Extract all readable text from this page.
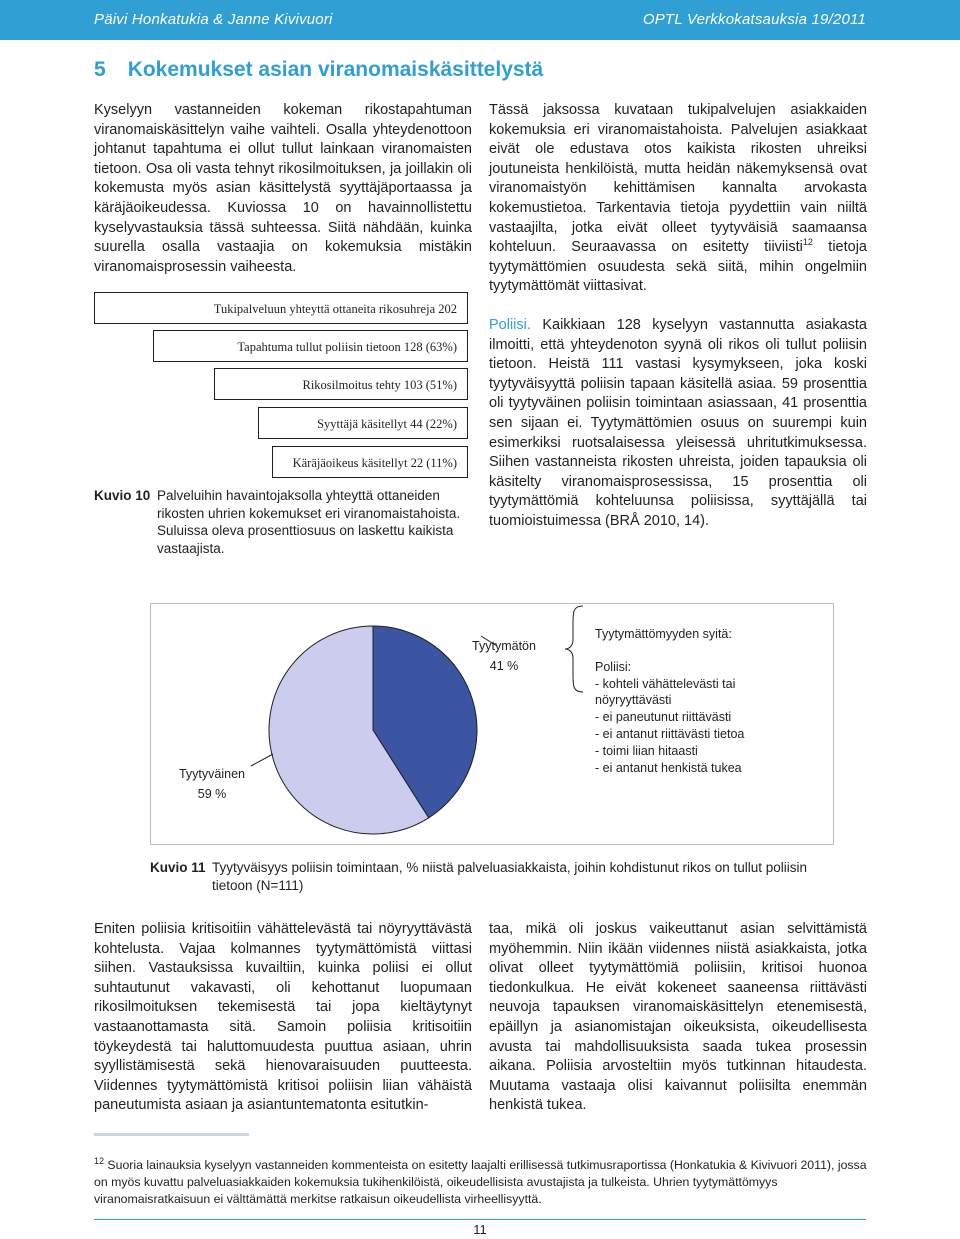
Päivi Honkatukia & Janne Kivivuori	OPTL Verkkokatsauksia 19/2011
5 Kokemukset asian viranomaiskäsittelystä

Kyselyyn vastanneiden kokeman rikostapahtuman viranomaiskäsittelyn vaihe vaihteli. Osalla yhteydenottoon johtanut tapahtuma ei ollut tullut lainkaan viranomaisten tietoon. Osa oli vasta tehnyt rikosilmoituksen, ja joillakin oli kokemusta myös asian käsittelystä syyttäjäportaassa ja käräjäoikeudessa. Kuviossa 10 on havainnollistettu kyselyvastauksia tässä suhteessa. Siitä nähdään, kuinka suurella osalla vastaajia on kokemuksia mistäkin viranomaisprosessin vaiheesta.

Tässä jaksossa kuvataan tukipalvelujen asiakkaiden kokemuksia eri viranomaistahoista. Palvelujen asiakkaat eivät ole edustava otos kaikista rikosten uhreiksi joutuneista henkilöistä, mutta heidän näkemyksensä ovat viranomaistyön kehittämisen kannalta arvokasta kokemustietoa. Tarkentavia tietoja pyydettiin vain niiltä vastaajilta, jotka eivät olleet tyytyväisiä saamaansa kohteluun. Seuraavassa on esitetty tiiviisti$^{12}$ tietoja tyytymättömien osuudesta sekä siitä, mihin ongelmiin tyytymättömät viittasivat.

Poliisi. Kaikkiaan 128 kyselyyn vastannutta asiakasta ilmoitti, että yhteydenoton syynä oli rikos oli tullut poliisin tietoon. Heistä 111 vastasi kysymykseen, joka koski tyytyväisyyttä poliisin tapaan käsitellä asiaa. 59 prosenttia oli tyytyväinen poliisin toimintaan asiassaan, 41 prosenttia sen sijaan ei. Tyytymättömien osuus on suurempi kuin esimerkiksi ruotsalaisessa yleisessä uhritutkimuksessa. Siihen vastanneista rikosten uhreista, joiden tapauksia oli käsitelty viranomaisprosessissa, 15 prosenttia oli tyytymättömiä kohteluunsa poliisissa, syyttäjällä tai tuomioistuimessa (BRÅ 2010, 14).

Tukipalveluun yhteyttä ottaneita rikosuhreja 202
Tapahtuma tullut poliisin tietoon 128 (63%)
Rikosilmoitus tehty 103 (51%)
Syyttäjä käsitellyt 44 (22%)
Käräjäoikeus käsitellyt 22 (11%)
Kuvio 10 Palveluihin havaintojaksolla yhteyttä ottaneiden rikosten uhrien kokemukset eri viranomaistahoista. Suluissa oleva prosenttiosuus on laskettu kaikista vastaajista.
Tyytymätön
41 %
Tyytyväinen
59 %
Tyytymättömyyden syitä:
Poliisi:
- kohteli vähättelevästi tai nöyryyttävästi
- ei paneutunut riittävästi
- ei antanut riittävästi tietoa
- toimi liian hitaasti
- ei antanut henkistä tukea
Kuvio 11 Tyytyväisyys poliisin toimintaan, % niistä palveluasiakkaista, joihin kohdistunut rikos on tullut poliisin tietoon (N=111)

Eniten poliisia kritisoitiin vähättelevästä tai nöyryyttävästä kohtelusta. Vajaa kolmannes tyytymättömistä viittasi siihen. Vastauksissa kuvailtiin, kuinka poliisi ei ollut suhtautunut vakavasti, oli kehottanut luopumaan rikosilmoituksen tekemisestä tai jopa kieltäytynyt vastaanottamasta sitä. Samoin poliisia kritisoitiin töykeydestä tai haluttomuudesta puuttua asiaan, uhrin syyllistämisestä sekä hienovaraisuuden puutteesta. Viidennes tyytymättömistä kritisoi poliisin liian vähäistä paneutumista asiaan ja asiantuntematonta esitutkin-

taa, mikä oli joskus vaikeuttanut asian selvittämistä myöhemmin. Niin ikään viidennes niistä asiakkaista, jotka olivat olleet tyytymättömiä poliisiin, kritisoi huonoa tiedonkulkua. He eivät kokeneet saaneensa riittävästi neuvoja tapauksen viranomaiskäsittelyn etenemisestä, epäillyn ja asianomistajan oikeuksista, oikeudellisesta avusta tai mahdollisuuksista saada tukea prosessin aikana. Poliisia arvosteltiin myös tutkinnan hitaudesta. Muutama vastaaja olisi kaivannut poliisilta enemmän henkistä tukea.

$^{12}$ Suoria lainauksia kyselyyn vastanneiden kommenteista on esitetty laajalti erillisessä tutkimusraportissa (Honkatukia & Kivivuori 2011), jossa on myös kuvattu palveluasiakkaiden kokemuksia tukihenkilöistä, oikeudellisista avustajista ja tulkeista. Uhrien tyytymättömyys viranomaisratkaisuun ei välttämättä merkitse ratkaisun oikeudellista virheellisyyttä.

11
